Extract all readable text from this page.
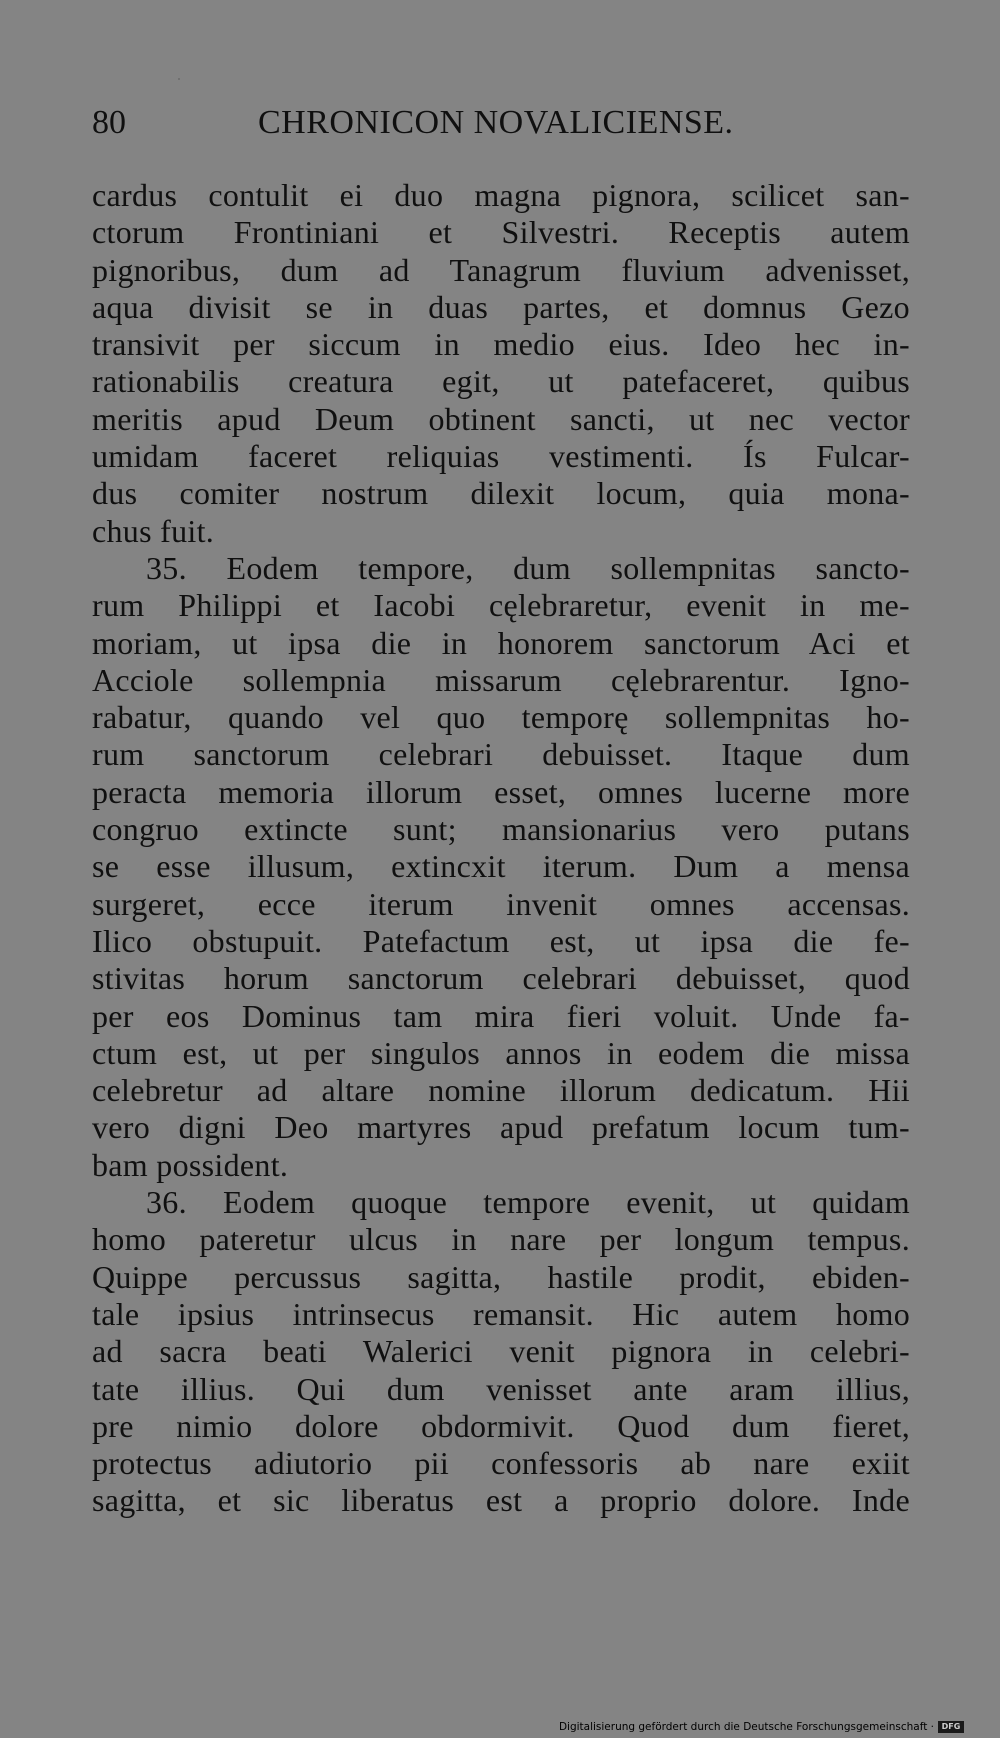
80	CHRONICON NOVALICIENSE.
cardus contulit ei duo magna pignora, scilicet san-
ctorum Frontiniani et Silvestri. Receptis autem
pignoribus, dum ad Tanagrum fluvium advenisset,
aqua divisit se in duas partes, et domnus Gezo
transivit per siccum in medio eius. Ideo hec in-
rationabilis creatura egit, ut patefaceret, quibus
meritis apud Deum obtinent sancti, ut nec vector
umidam faceret reliquias vestimenti. Ís Fulcar-
dus comiter nostrum dilexit locum, quia mona-
chus fuit.
35. Eodem tempore, dum sollempnitas sancto-
rum Philippi et Iacobi cęlebraretur, evenit in me-
moriam, ut ipsa die in honorem sanctorum Aci et
Acciole sollempnia missarum cęlebrarentur. Igno-
rabatur, quando vel quo temporę sollempnitas ho-
rum sanctorum celebrari debuisset. Itaque dum
peracta memoria illorum esset, omnes lucerne more
congruo extincte sunt; mansionarius vero putans
se esse illusum, extincxit iterum. Dum a mensa
surgeret, ecce iterum invenit omnes accensas.
Ilico obstupuit. Patefactum est, ut ipsa die fe-
stivitas horum sanctorum celebrari debuisset, quod
per eos Dominus tam mira fieri voluit. Unde fa-
ctum est, ut per singulos annos in eodem die missa
celebretur ad altare nomine illorum dedicatum. Hii
vero digni Deo martyres apud prefatum locum tum-
bam possident.
36. Eodem quoque tempore evenit, ut quidam
homo pateretur ulcus in nare per longum tempus.
Quippe percussus sagitta, hastile prodit, ebiden-
tale ipsius intrinsecus remansit. Hic autem homo
ad sacra beati Walerici venit pignora in celebri-
tate illius. Qui dum venisset ante aram illius,
pre nimio dolore obdormivit. Quod dum fieret,
protectus adiutorio pii confessoris ab nare exiit
sagitta, et sic liberatus est a proprio dolore. Inde
Digitalisierung gefördert durch die Deutsche Forschungsgemeinschaft · DFG
